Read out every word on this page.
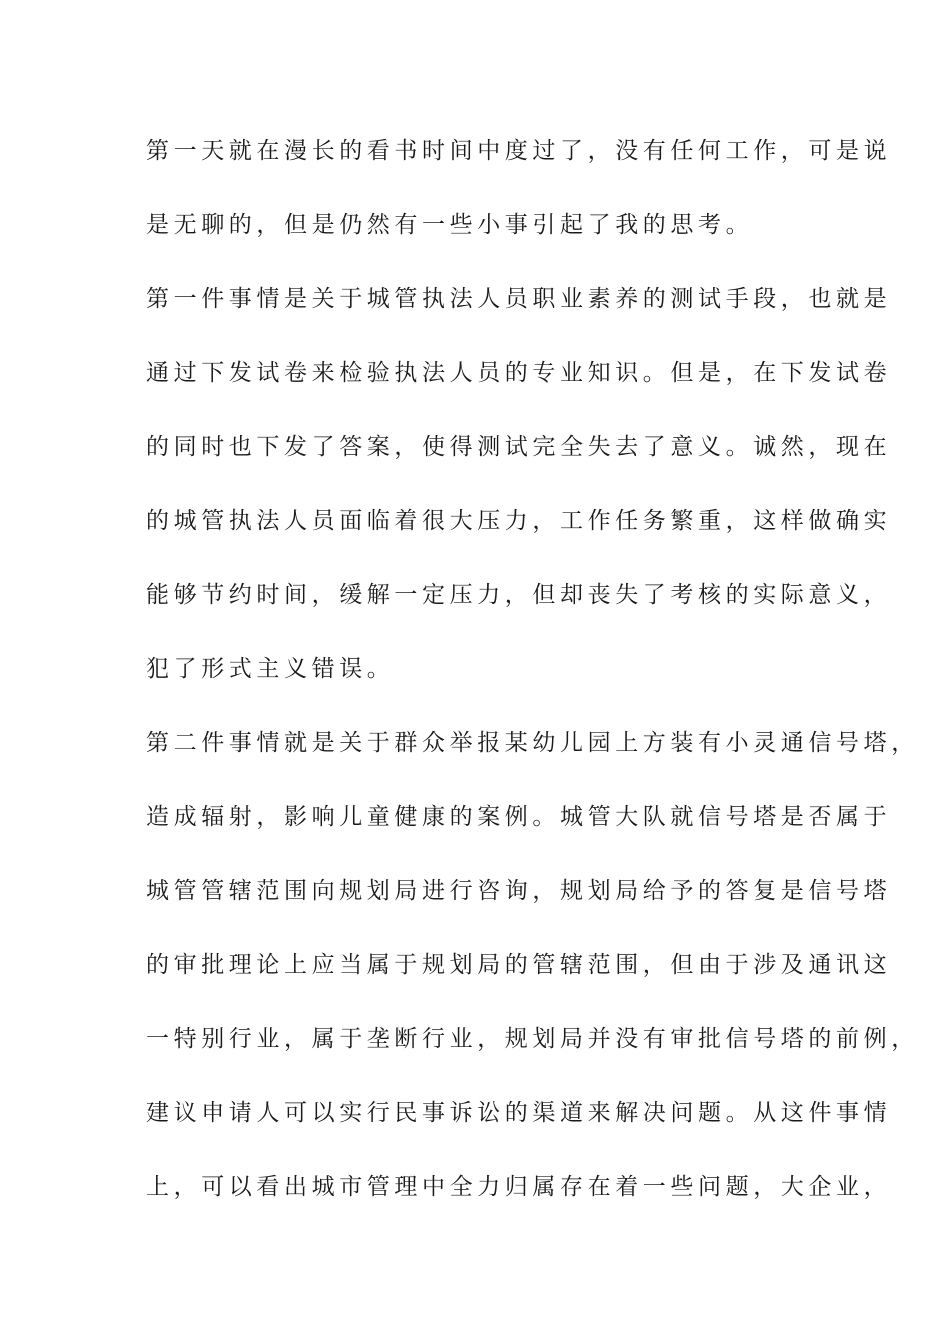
第一天就在漫长的看书时间中度过了，没有任何工作，可是说
是无聊的，但是仍然有一些小事引起了我的思考。
第一件事情是关于城管执法人员职业素养的测试手段，也就是
通过下发试卷来检验执法人员的专业知识。但是，在下发试卷
的同时也下发了答案，使得测试完全失去了意义。诚然，现在
的城管执法人员面临着很大压力，工作任务繁重，这样做确实
能够节约时间，缓解一定压力，但却丧失了考核的实际意义，
犯了形式主义错误。
第二件事情就是关于群众举报某幼儿园上方装有小灵通信号塔，
造成辐射，影响儿童健康的案例。城管大队就信号塔是否属于
城管管辖范围向规划局进行咨询，规划局给予的答复是信号塔
的审批理论上应当属于规划局的管辖范围，但由于涉及通讯这
一特别行业，属于垄断行业，规划局并没有审批信号塔的前例，
建议申请人可以实行民事诉讼的渠道来解决问题。从这件事情
上，可以看出城市管理中全力归属存在着一些问题，大企业，
